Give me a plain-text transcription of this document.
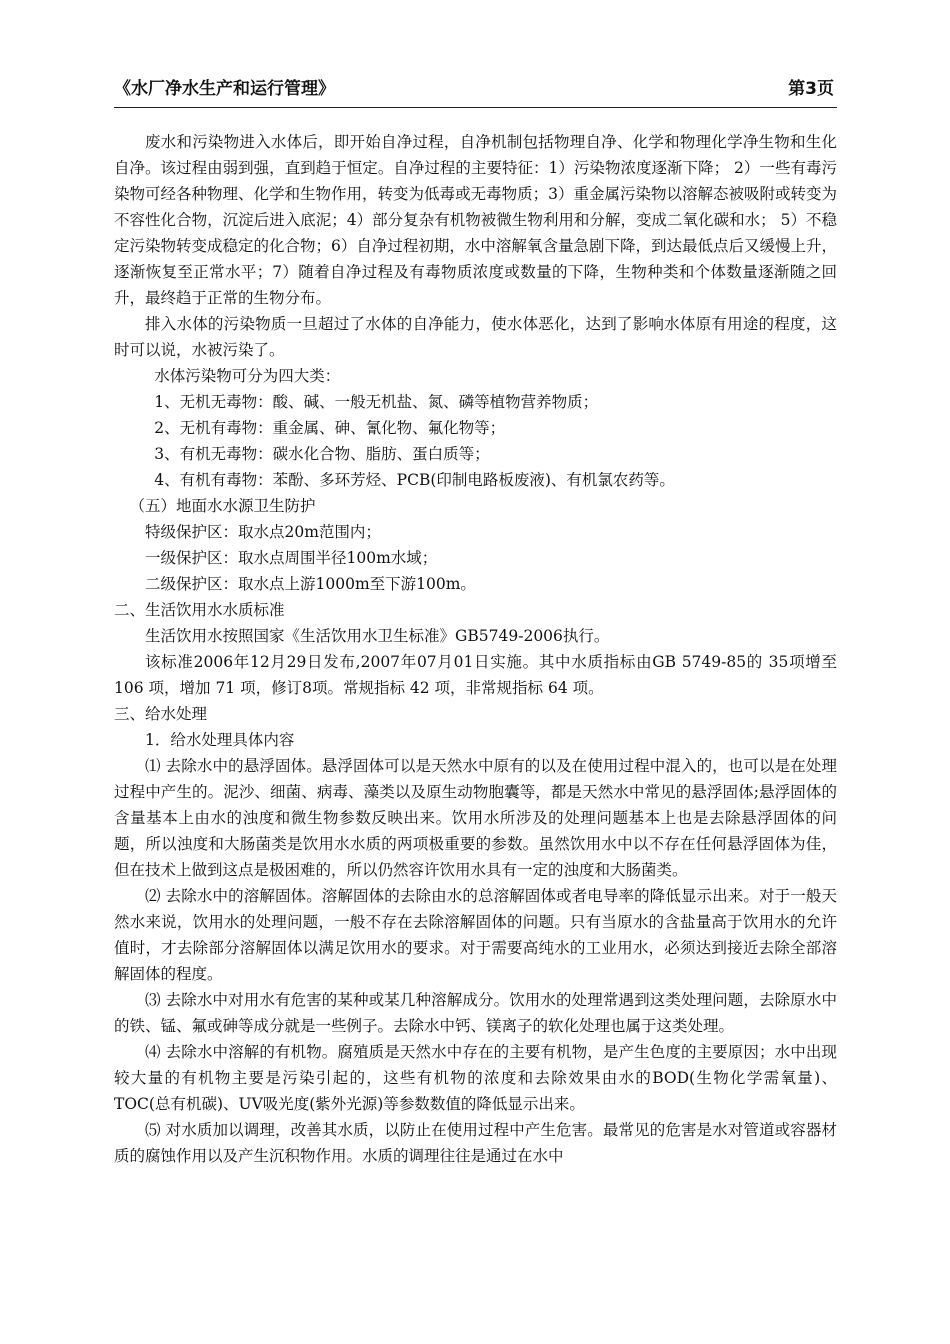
《水厂净水生产和运行管理》	第3页

废水和污染物进入水体后，即开始自净过程，自净机制包括物理自净、化学和物理化学净生物和生化自净。该过程由弱到强，直到趋于恒定。自净过程的主要特征：1）污染物浓度逐渐下降； 2）一些有毒污染物可经各种物理、化学和生物作用，转变为低毒或无毒物质；3）重金属污染物以溶解态被吸附或转变为不容性化合物，沉淀后进入底泥；4）部分复杂有机物被微生物利用和分解，变成二氧化碳和水； 5）不稳定污染物转变成稳定的化合物；6）自净过程初期，水中溶解氧含量急剧下降，到达最低点后又缓慢上升，逐渐恢复至正常水平；7）随着自净过程及有毒物质浓度或数量的下降，生物种类和个体数量逐渐随之回升，最终趋于正常的生物分布。

排入水体的污染物质一旦超过了水体的自净能力，使水体恶化，达到了影响水体原有用途的程度，这时可以说，水被污染了。

水体污染物可分为四大类：

1、无机无毒物：酸、碱、一般无机盐、氮、磷等植物营养物质；

2、无机有毒物：重金属、砷、氰化物、氟化物等；

3、有机无毒物：碳水化合物、脂肪、蛋白质等；

4、有机有毒物：苯酚、多环芳烃、PCB(印制电路板废液)、有机氯农药等。

（五）地面水水源卫生防护

特级保护区：取水点20m范围内；

一级保护区：取水点周围半径100m水域；

二级保护区：取水点上游1000m至下游100m。

二、生活饮用水水质标准

生活饮用水按照国家《生活饮用水卫生标准》GB5749-2006执行。

该标准2006年12月29日发布,2007年07月01日实施。其中水质指标由GB 5749-85的 35项增至 106 项，增加 71 项，修订8项。常规指标 42 项，非常规指标 64 项。

三、给水处理

1．给水处理具体内容

⑴ 去除水中的悬浮固体。悬浮固体可以是天然水中原有的以及在使用过程中混入的，也可以是在处理过程中产生的。泥沙、细菌、病毒、藻类以及原生动物胞囊等，都是天然水中常见的悬浮固体;悬浮固体的含量基本上由水的浊度和微生物参数反映出来。饮用水所涉及的处理问题基本上也是去除悬浮固体的问题，所以浊度和大肠菌类是饮用水水质的两项极重要的参数。虽然饮用水中以不存在任何悬浮固体为佳，但在技术上做到这点是极困难的，所以仍然容许饮用水具有一定的浊度和大肠菌类。

⑵ 去除水中的溶解固体。溶解固体的去除由水的总溶解固体或者电导率的降低显示出来。对于一般天然水来说，饮用水的处理问题，一般不存在去除溶解固体的问题。只有当原水的含盐量高于饮用水的允许值时，才去除部分溶解固体以满足饮用水的要求。对于需要高纯水的工业用水，必须达到接近去除全部溶解固体的程度。

⑶ 去除水中对用水有危害的某种或某几种溶解成分。饮用水的处理常遇到这类处理问题，去除原水中的铁、锰、氟或砷等成分就是一些例子。去除水中钙、镁离子的软化处理也属于这类处理。

⑷ 去除水中溶解的有机物。腐殖质是天然水中存在的主要有机物，是产生色度的主要原因；水中出现较大量的有机物主要是污染引起的，这些有机物的浓度和去除效果由水的BOD(生物化学需氧量)、TOC(总有机碳)、UV吸光度(紫外光源)等参数数值的降低显示出来。

⑸ 对水质加以调理，改善其水质，以防止在使用过程中产生危害。最常见的危害是水对管道或容器材质的腐蚀作用以及产生沉积物作用。水质的调理往往是通过在水中
